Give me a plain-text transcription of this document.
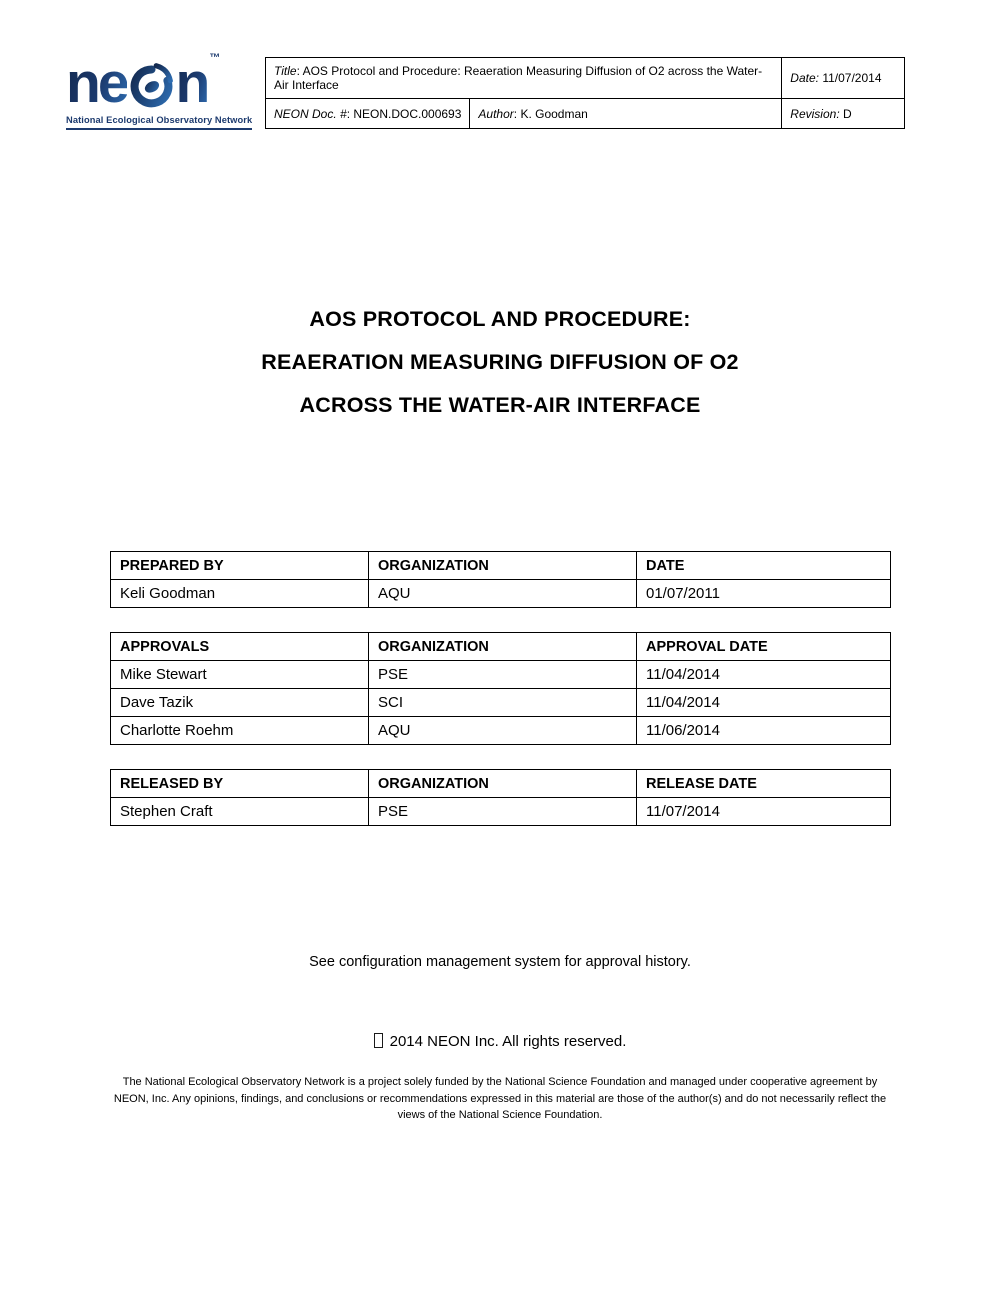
ne n ™
National Ecological Observatory Network
Title: AOS Protocol and Procedure: Reaeration Measuring Diffusion of O2 across the Water-Air Interface		Date: 11/07/2014
NEON Doc. #: NEON.DOC.000693	Author: K. Goodman	Revision: D
AOS PROTOCOL AND PROCEDURE:
REAERATION MEASURING DIFFUSION OF O2
ACROSS THE WATER-AIR INTERFACE
PREPARED BY	ORGANIZATION	DATE
Keli Goodman	AQU	01/07/2011
APPROVALS	ORGANIZATION	APPROVAL DATE
Mike Stewart	PSE	11/04/2014
Dave Tazik	SCI	11/04/2014
Charlotte Roehm	AQU	11/06/2014
RELEASED BY	ORGANIZATION	RELEASE DATE
Stephen Craft	PSE	11/07/2014
See configuration management system for approval history.
2014 NEON Inc. All rights reserved.
The National Ecological Observatory Network is a project solely funded by the National Science Foundation and managed under cooperative agreement by NEON, Inc. Any opinions, findings, and conclusions or recommendations expressed in this material are those of the author(s) and do not necessarily reflect the views of the National Science Foundation.
